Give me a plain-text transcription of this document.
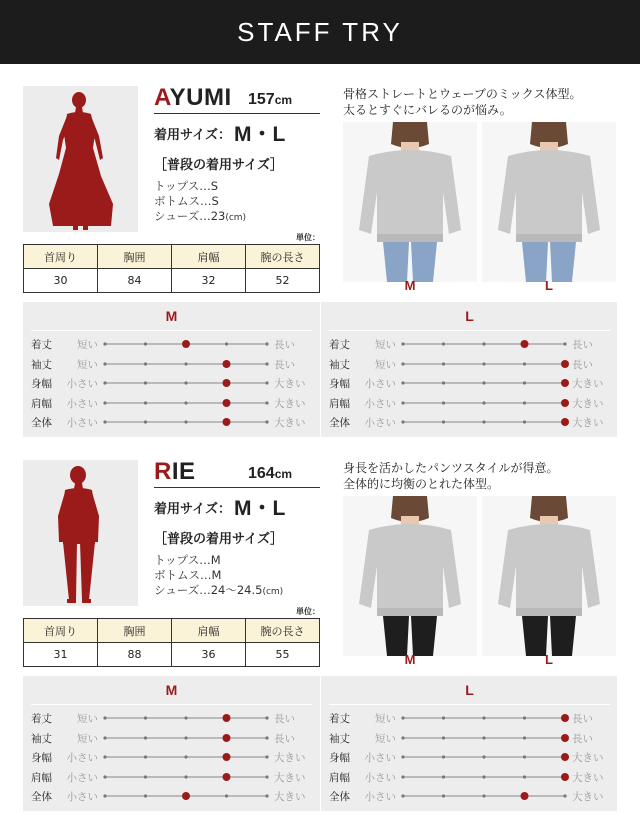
STAFF TRY
AYUMI 157cm
着用サイズ： M・L
［普段の着用サイズ］
トップス…S
ボトムス…S
シューズ…23(cm)
単位：
首周り	胸囲	肩幅	腕の長さ
30	84	32	52
骨格ストレートとウェーブのミックス体型。
太るとすぐにバレるのが悩み。
M	L
M
着丈	短い	長い
袖丈	短い	長い
身幅	小さい	大きい
肩幅	小さい	大きい
全体	小さい	大きい
L
着丈	短い	長い
袖丈	短い	長い
身幅	小さい	大きい
肩幅	小さい	大きい
全体	小さい	大きい
RIE	164cm
着用サイズ： M・L
［普段の着用サイズ］
トップス…M
ボトムス…M
シューズ…24～24.5(cm)
単位：
首周り	胸囲	肩幅	腕の長さ
31	88	36	55
身長を活かしたパンツスタイルが得意。
全体的に均衡のとれた体型。
M	L
M
着丈	短い	長い
袖丈	短い	長い
身幅	小さい	大きい
肩幅	小さい	大きい
全体	小さい	大きい
L
着丈	短い	長い
袖丈	短い	長い
身幅	小さい	大きい
肩幅	小さい	大きい
全体	小さい	大きい
